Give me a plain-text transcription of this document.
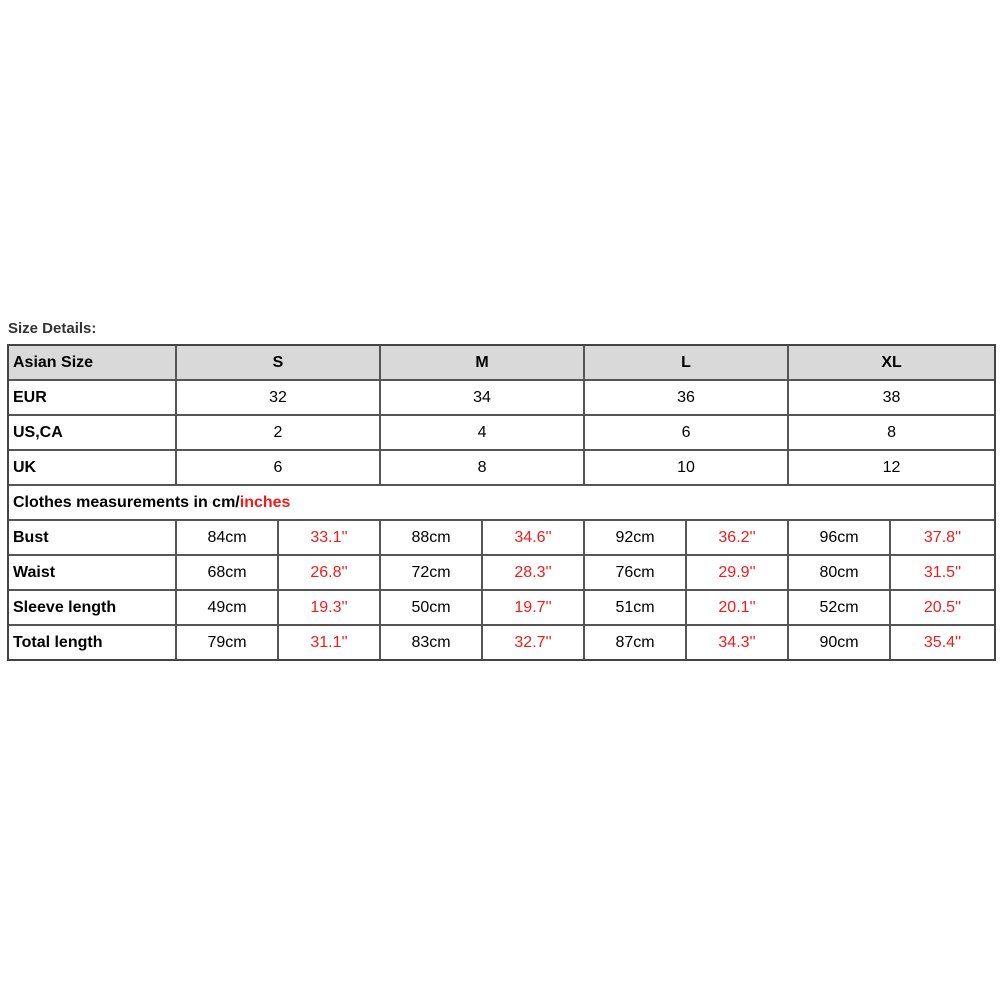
Size Details:
Asian Size	S		M		L		XL	
EUR	32		34		36		38	
US,CA	2		4		6		8	
UK	6		8		10		12	
Clothes measurements in cm/inches								
Bust	84cm	33.1''	88cm	34.6''	92cm	36.2''	96cm	37.8''
Waist	68cm	26.8''	72cm	28.3''	76cm	29.9''	80cm	31.5''
Sleeve length	49cm	19.3''	50cm	19.7''	51cm	20.1''	52cm	20.5''
Total length	79cm	31.1''	83cm	32.7''	87cm	34.3''	90cm	35.4''
